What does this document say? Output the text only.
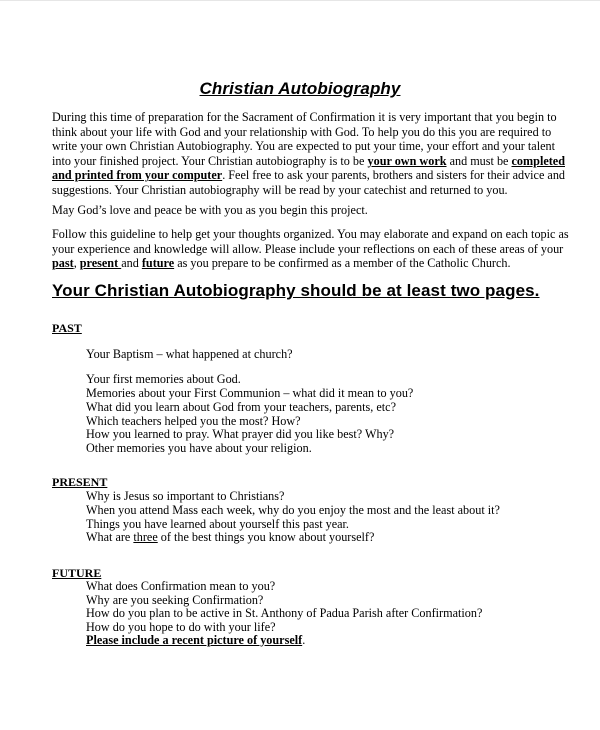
Christian Autobiography
During this time of preparation for the Sacrament of Confirmation it is very important that you begin to think about your life with God and your relationship with God. To help you do this you are required to write your own Christian Autobiography. You are expected to put your time, your effort and your talent into your finished project. Your Christian autobiography is to be your own work and must be completed and printed from your computer. Feel free to ask your parents, brothers and sisters for their advice and suggestions. Your Christian autobiography will be read by your catechist and returned to you.
May God’s love and peace be with you as you begin this project.
Follow this guideline to help get your thoughts organized. You may elaborate and expand on each topic as your experience and knowledge will allow. Please include your reflections on each of these areas of your past, present and future as you prepare to be confirmed as a member of the Catholic Church.
Your Christian Autobiography should be at least two pages.
PAST
Your Baptism – what happened at church?
Your first memories about God.
Memories about your First Communion – what did it mean to you?
What did you learn about God from your teachers, parents, etc?
Which teachers helped you the most? How?
How you learned to pray. What prayer did you like best? Why?
Other memories you have about your religion.
PRESENT
Why is Jesus so important to Christians?
When you attend Mass each week, why do you enjoy the most and the least about it?
Things you have learned about yourself this past year.
What are three of the best things you know about yourself?
FUTURE
What does Confirmation mean to you?
Why are you seeking Confirmation?
How do you plan to be active in St. Anthony of Padua Parish after Confirmation?
How do you hope to do with your life?
Please include a recent picture of yourself.
